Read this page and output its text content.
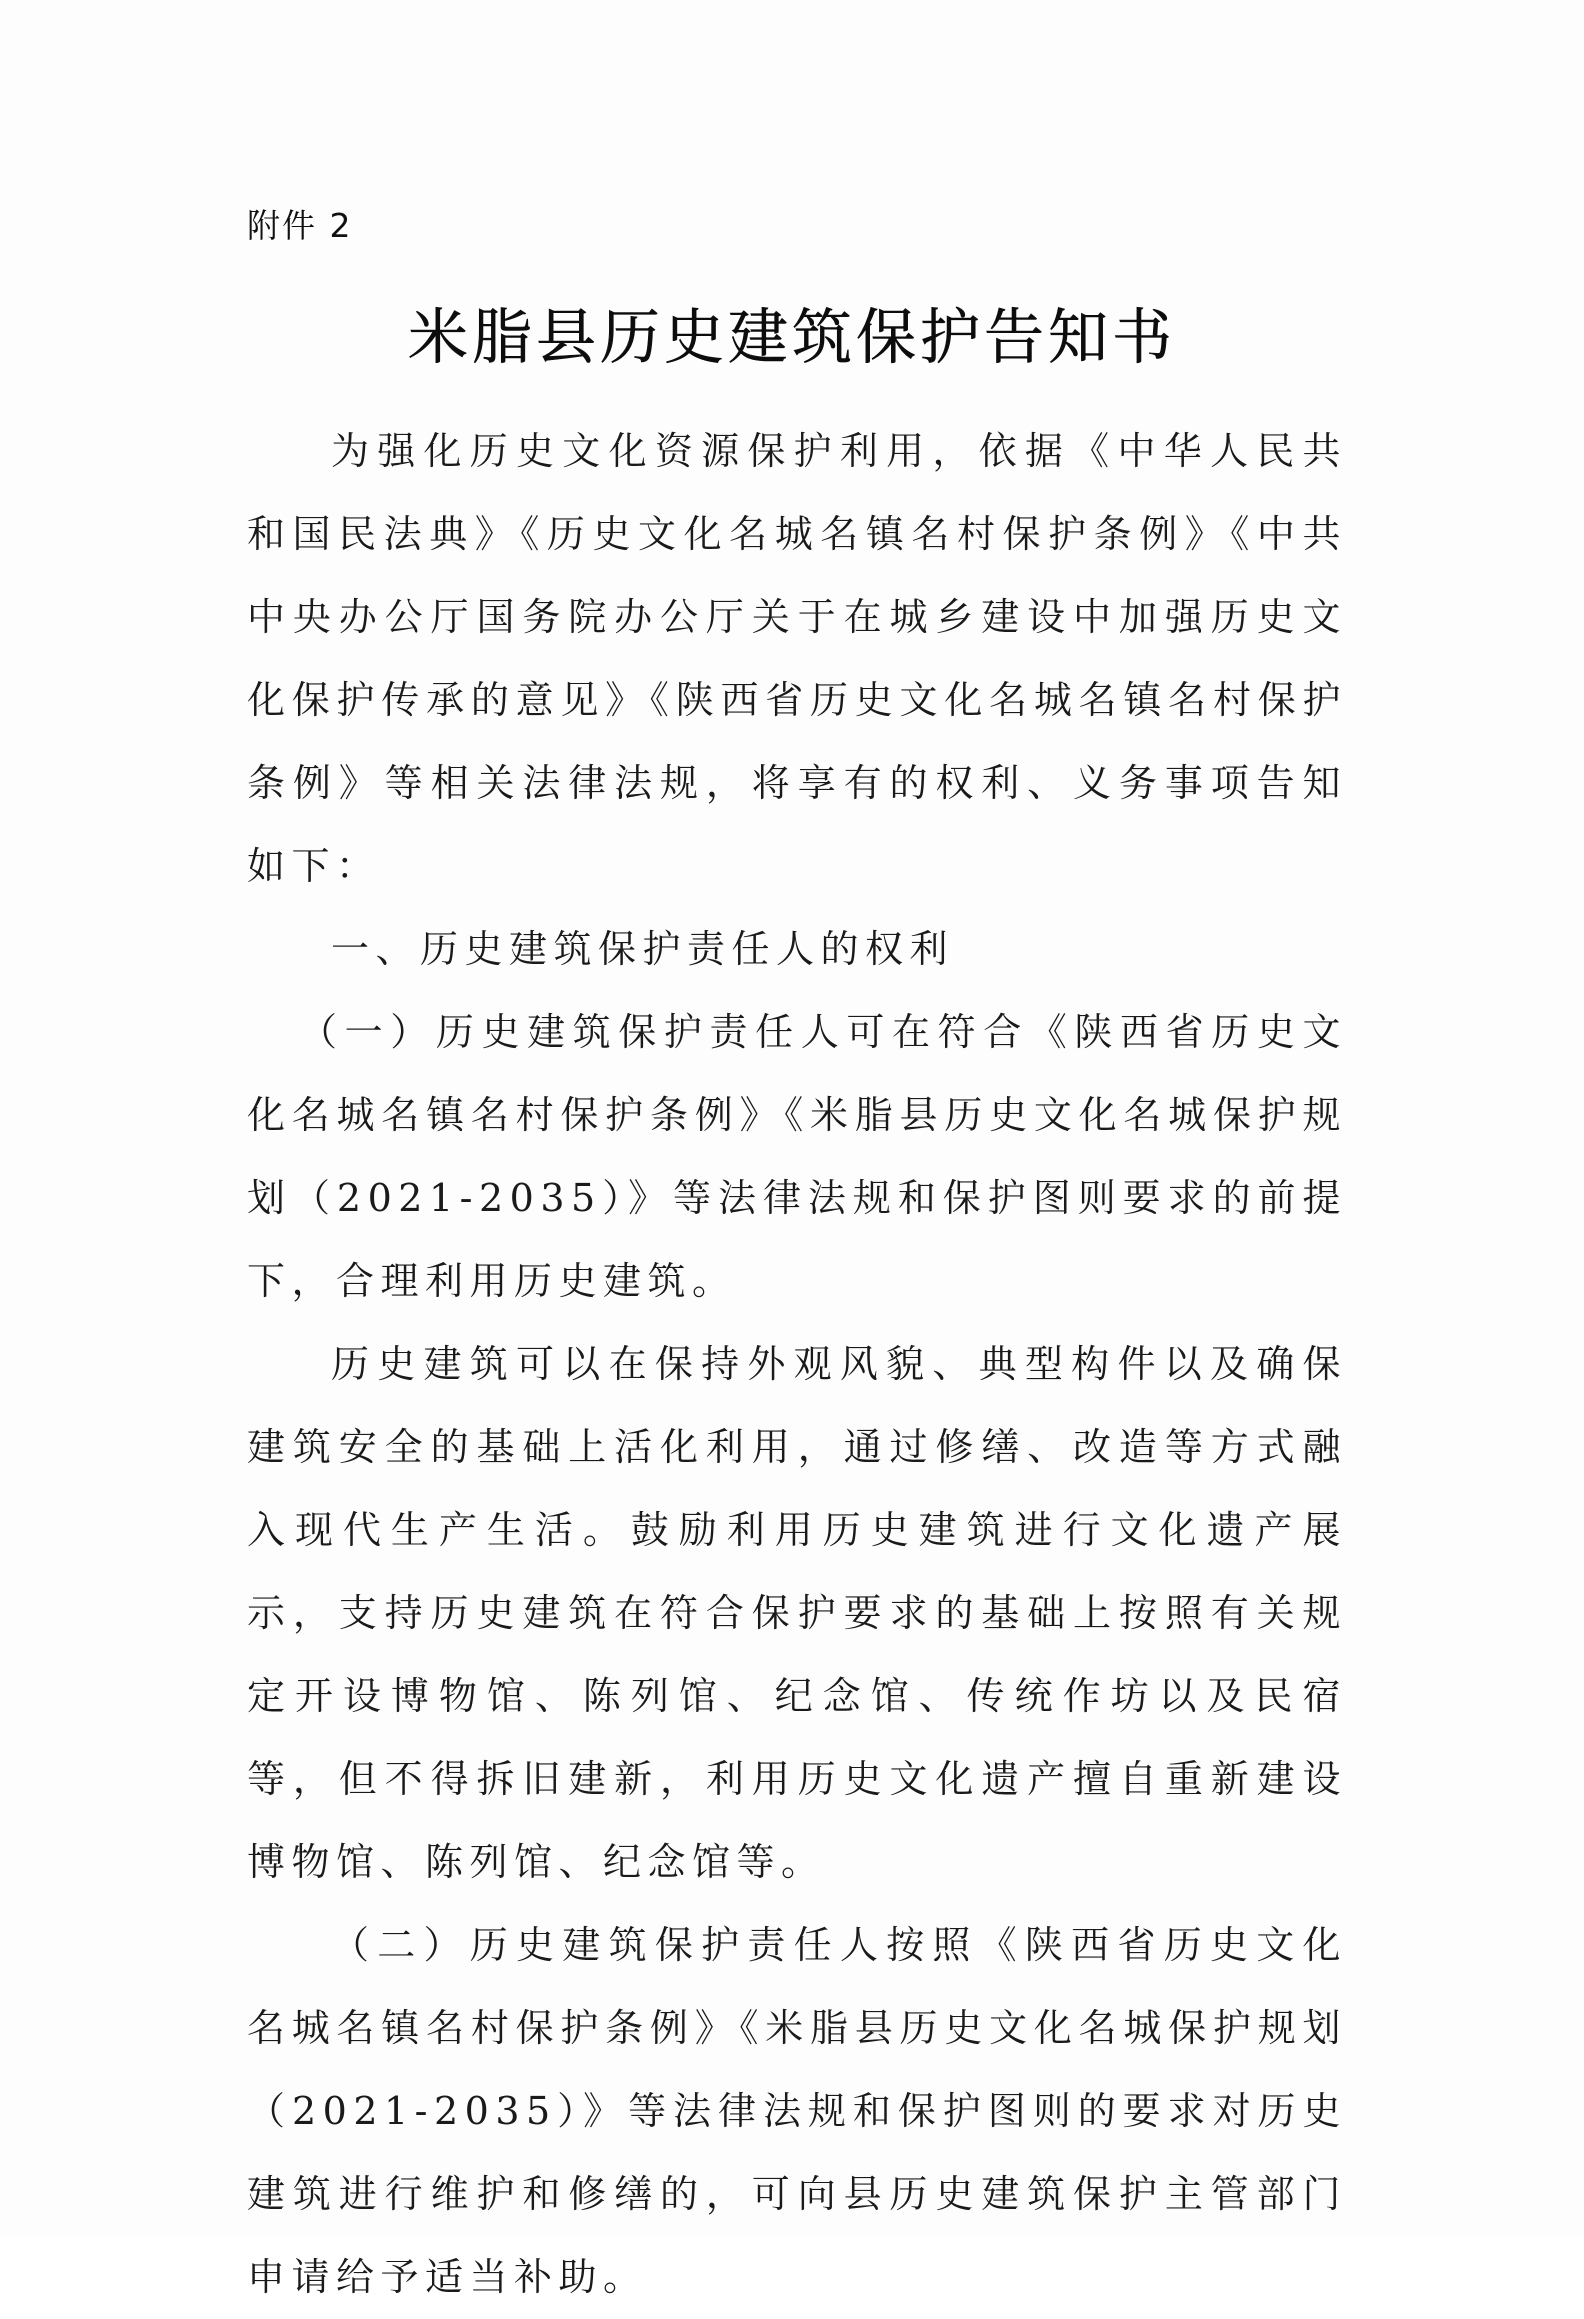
附件 2
米脂县历史建筑保护告知书

为强化历史文化资源保护利用，依据《中华人民共和国民法典》《历史文化名城名镇名村保护条例》《中共中央办公厅国务院办公厅关于在城乡建设中加强历史文化保护传承的意见》《陕西省历史文化名城名镇名村保护条例》等相关法律法规，将享有的权利、义务事项告知如下：

一、历史建筑保护责任人的权利

（一）历史建筑保护责任人可在符合《陕西省历史文化名城名镇名村保护条例》《米脂县历史文化名城保护规划（2021-2035）》等法律法规和保护图则要求的前提下，合理利用历史建筑。

历史建筑可以在保持外观风貌、典型构件以及确保建筑安全的基础上活化利用，通过修缮、改造等方式融入现代生产生活。鼓励利用历史建筑进行文化遗产展示，支持历史建筑在符合保护要求的基础上按照有关规定开设博物馆、陈列馆、纪念馆、传统作坊以及民宿等，但不得拆旧建新，利用历史文化遗产擅自重新建设博物馆、陈列馆、纪念馆等。

（二）历史建筑保护责任人按照《陕西省历史文化名城名镇名村保护条例》《米脂县历史文化名城保护规划（2021-2035）》等法律法规和保护图则的要求对历史建筑进行维护和修缮的，可向县历史建筑保护主管部门申请给予适当补助。
